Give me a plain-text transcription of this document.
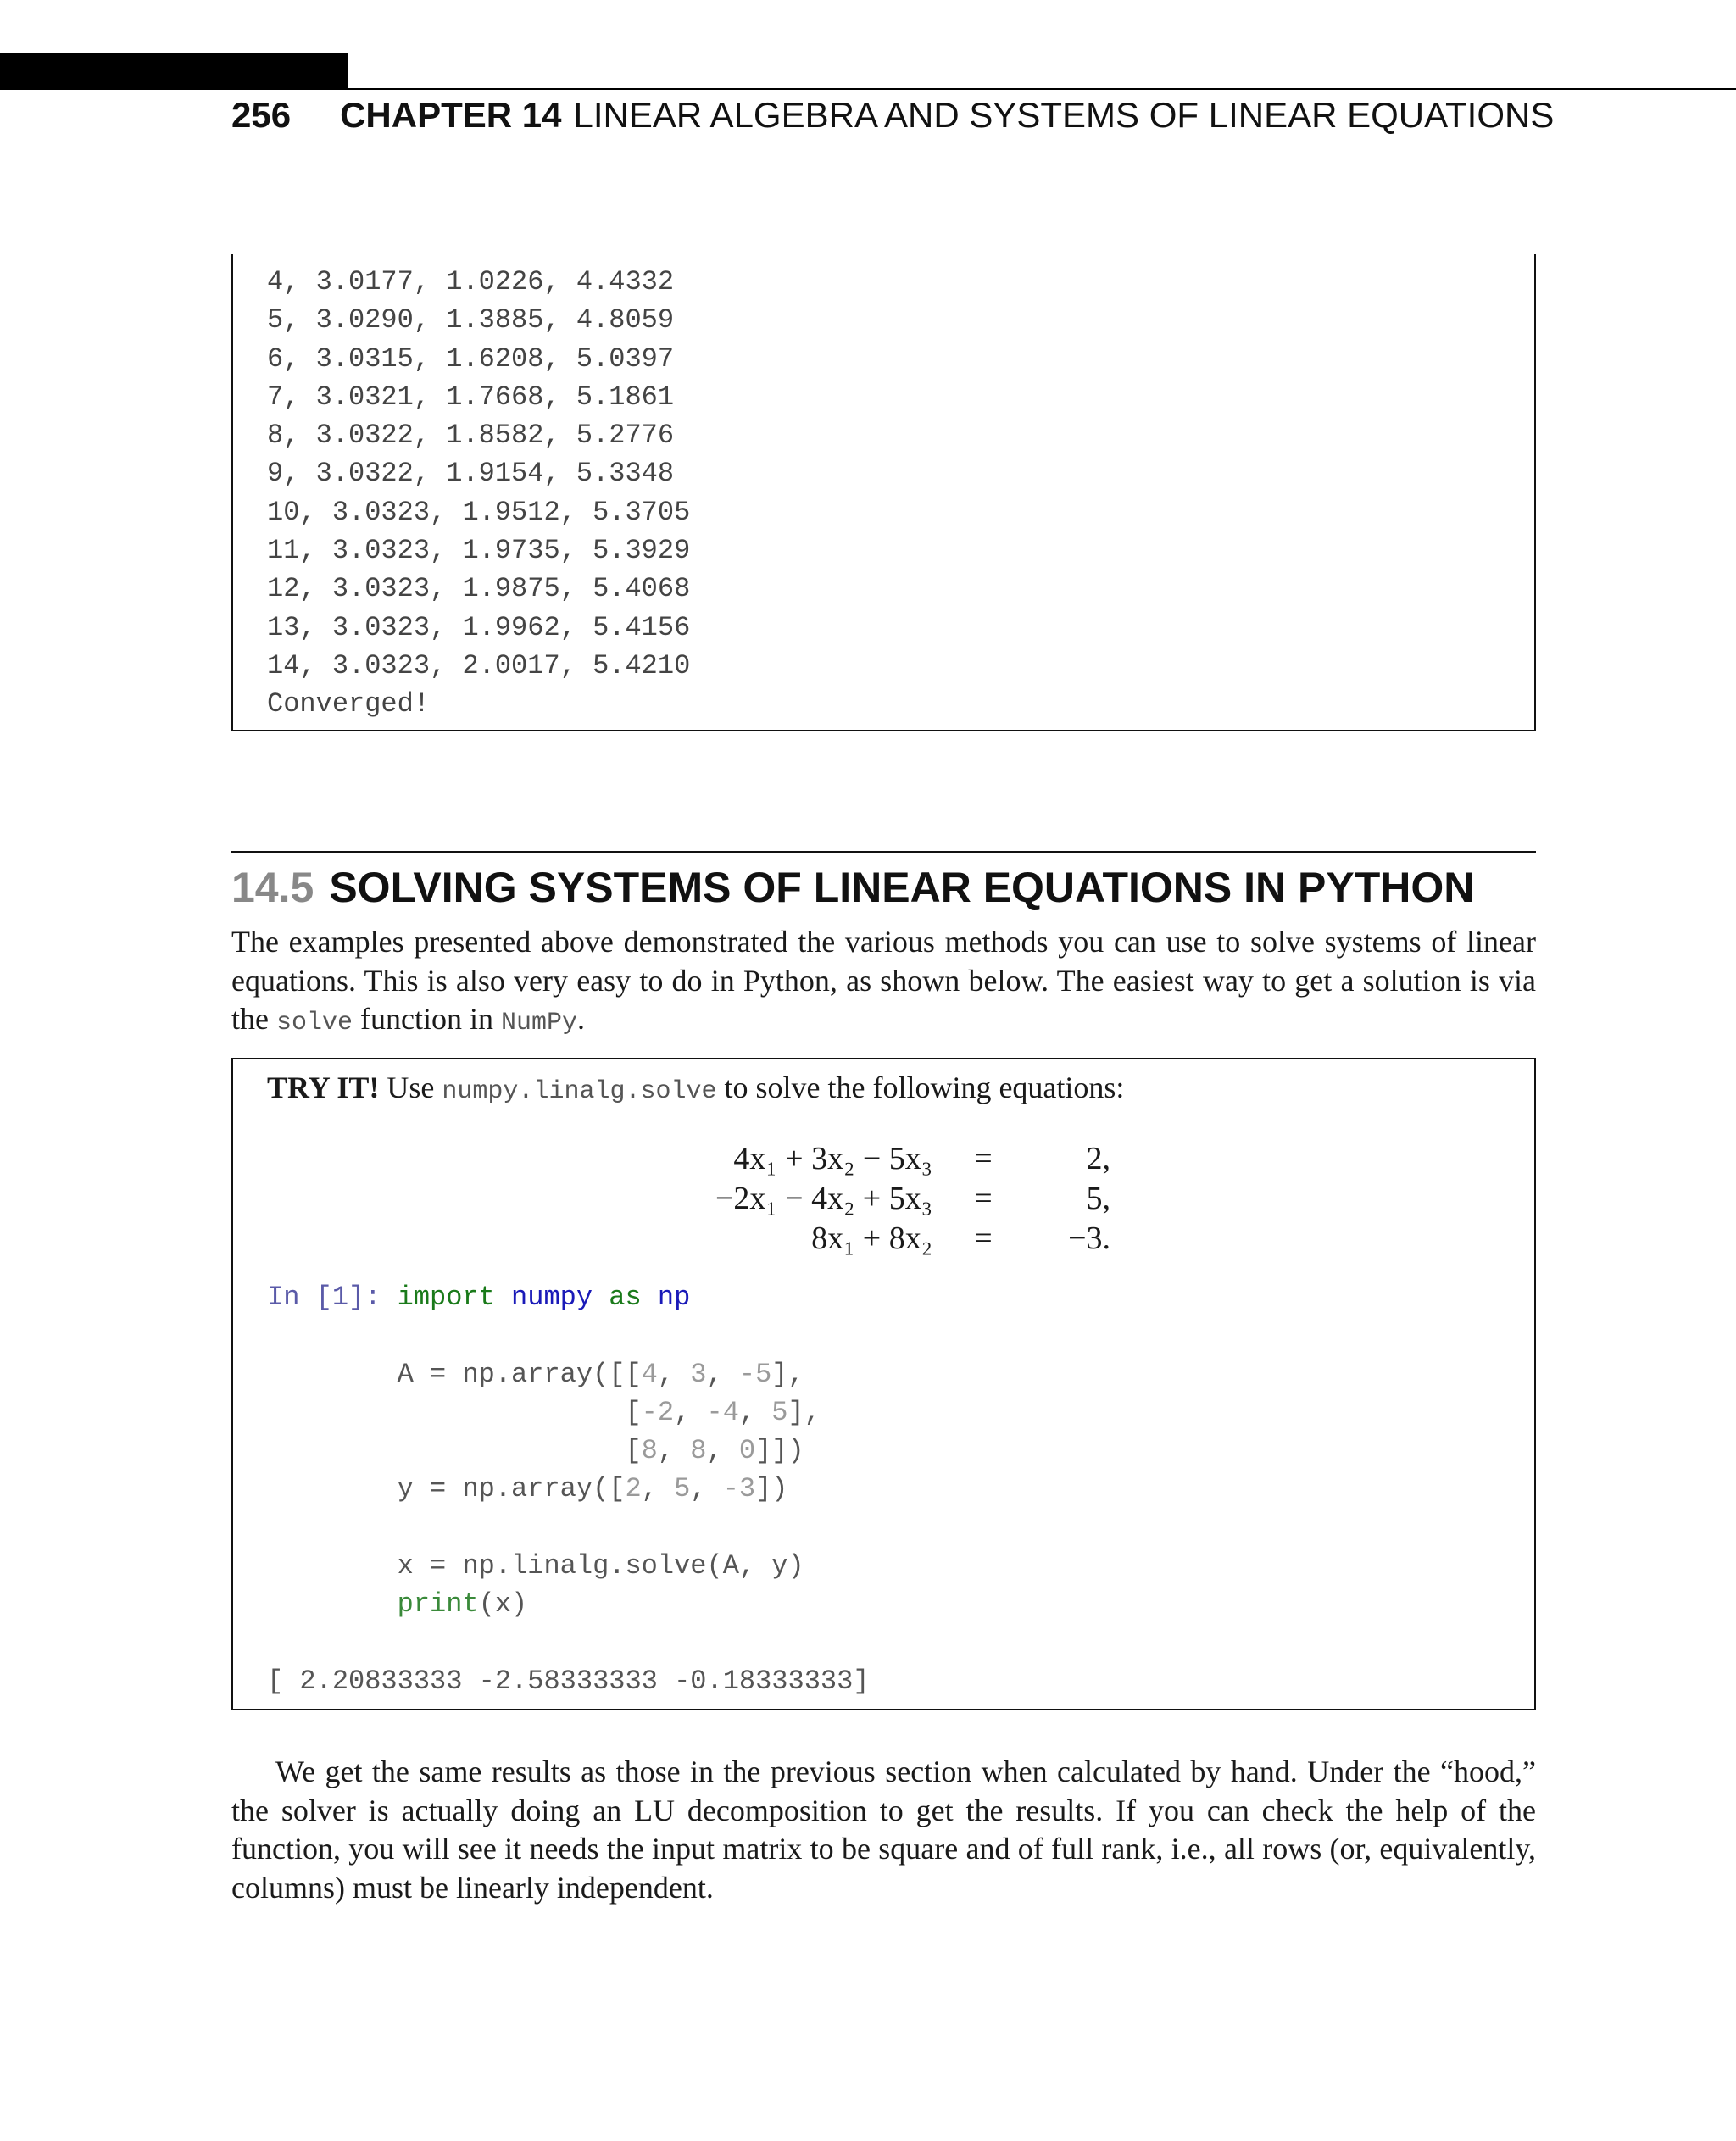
256 CHAPTER 14 LINEAR ALGEBRA AND SYSTEMS OF LINEAR EQUATIONS
4, 3.0177, 1.0226, 4.4332
5, 3.0290, 1.3885, 4.8059
6, 3.0315, 1.6208, 5.0397
7, 3.0321, 1.7668, 5.1861
8, 3.0322, 1.8582, 5.2776
9, 3.0322, 1.9154, 5.3348
10, 3.0323, 1.9512, 5.3705
11, 3.0323, 1.9735, 5.3929
12, 3.0323, 1.9875, 5.4068
13, 3.0323, 1.9962, 5.4156
14, 3.0323, 2.0017, 5.4210
Converged!
14.5 SOLVING SYSTEMS OF LINEAR EQUATIONS IN PYTHON
The examples presented above demonstrated the various methods you can use to solve systems of linear equations. This is also very easy to do in Python, as shown below. The easiest way to get a solution is via the solve function in NumPy.
TRY IT! Use numpy.linalg.solve to solve the following equations:
4x₁ + 3x₂ − 5x₃	=	2,
−2x₁ − 4x₂ + 5x₃	=	5,
8x₁ + 8x₂	=	−3.
In [1]: import numpy as np
A = np.array([[4, 3, -5],
[-2, -4, 5],
[8, 8, 0]])
y = np.array([2, 5, -3])
x = np.linalg.solve(A, y)
print(x)
[ 2.20833333 -2.58333333 -0.18333333]
We get the same results as those in the previous section when calculated by hand. Under the “hood,” the solver is actually doing an LU decomposition to get the results. If you can check the help of the function, you will see it needs the input matrix to be square and of full rank, i.e., all rows (or, equivalently, columns) must be linearly independent.
